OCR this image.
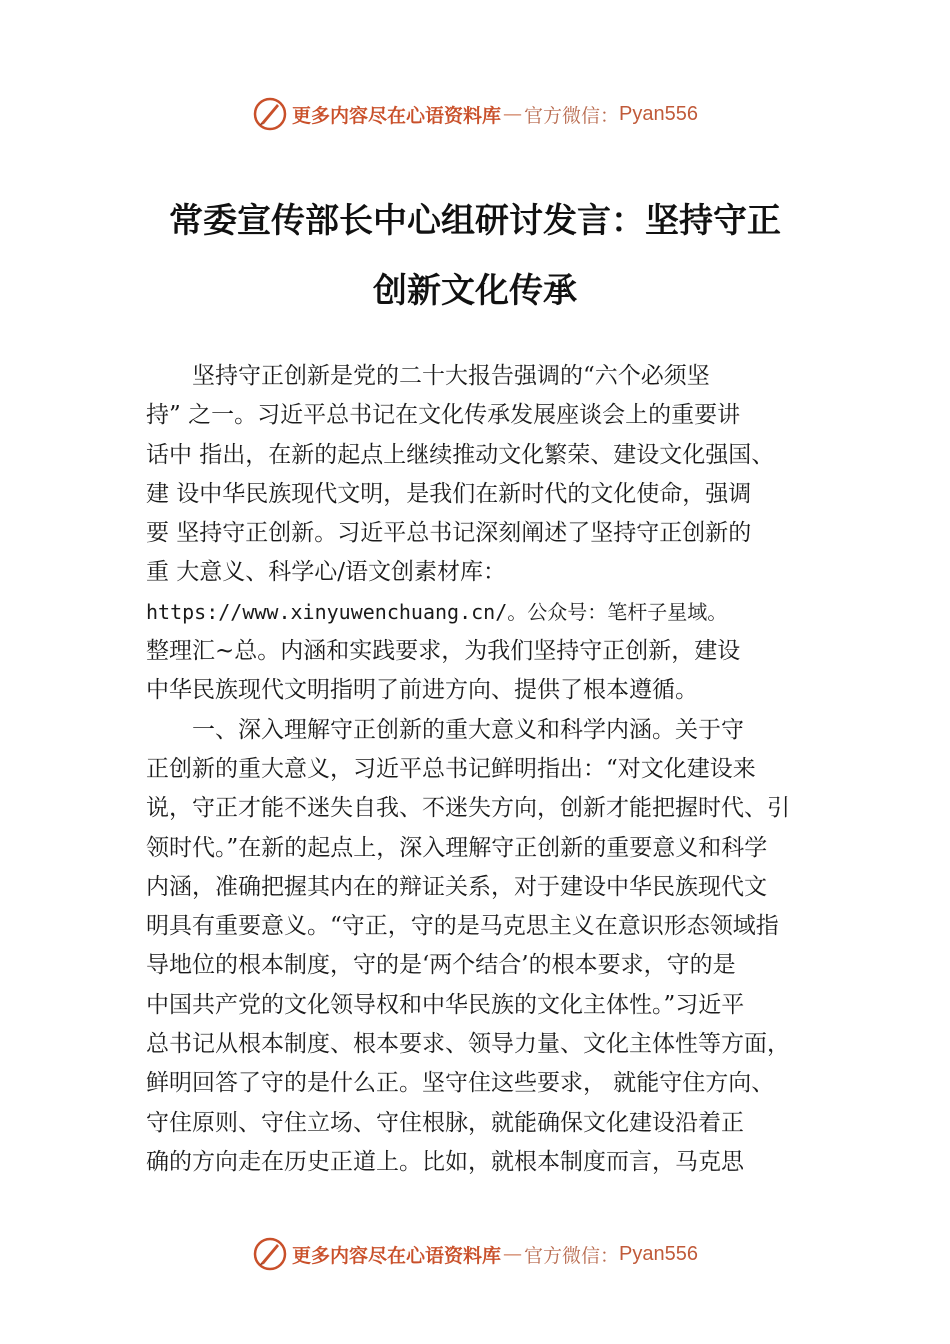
更多内容尽在心语资料库 — 官方微信： Pyan556
常委宣传部长中心组研讨发言：坚持守正
创新文化传承
　　坚持守正创新是党的二十大报告强调的“六个必须坚
持” 之一。习近平总书记在文化传承发展座谈会上的重要讲
话中 指出，在新的起点上继续推动文化繁荣、建设文化强国、
建 设中华民族现代文明，是我们在新时代的文化使命，强调
要 坚持守正创新。习近平总书记深刻阐述了坚持守正创新的
重 大意义、科学心/语文创素材库：
https://www.xinyuwenchuang.cn/。公众号：笔杆子星域。
整理汇~总。内涵和实践要求，为我们坚持守正创新，建设
中华民族现代文明指明了前进方向、提供了根本遵循。
　　一、深入理解守正创新的重大意义和科学内涵。关于守
正创新的重大意义，习近平总书记鲜明指出：“对文化建设来
说，守正才能不迷失自我、不迷失方向，创新才能把握时代、引
领时代。”在新的起点上，深入理解守正创新的重要意义和科学
内涵，准确把握其内在的辩证关系，对于建设中华民族现代文
明具有重要意义。“守正，守的是马克思主义在意识形态领域指
导地位的根本制度，守的是‘两个结合’的根本要求，守的是
中国共产党的文化领导权和中华民族的文化主体性。”习近平
总书记从根本制度、根本要求、领导力量、文化主体性等方面，
鲜明回答了守的是什么正。坚守住这些要求， 就能守住方向、
守住原则、守住立场、守住根脉，就能确保文化建设沿着正
确的方向走在历史正道上。比如，就根本制度而言，马克思
更多内容尽在心语资料库 — 官方微信： Pyan556
